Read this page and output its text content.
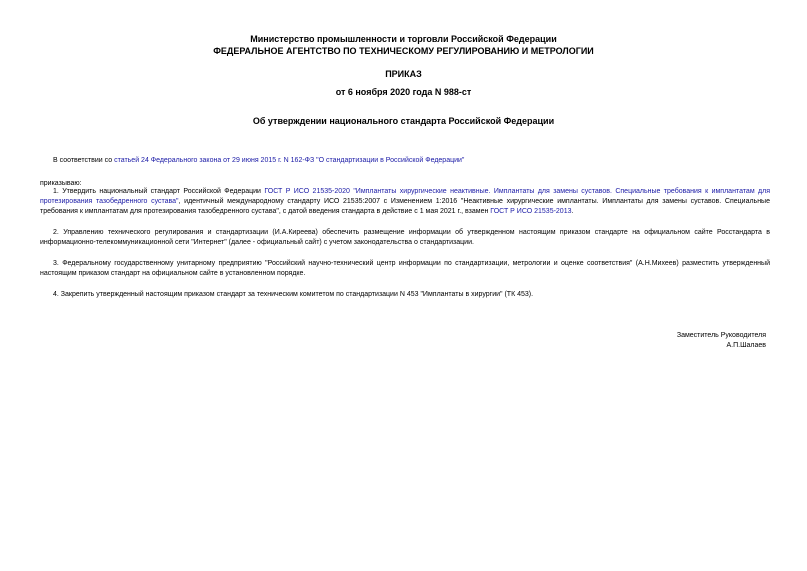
Министерство промышленности и торговли Российской Федерации
ФЕДЕРАЛЬНОЕ АГЕНТСТВО ПО ТЕХНИЧЕСКОМУ РЕГУЛИРОВАНИЮ И МЕТРОЛОГИИ
ПРИКАЗ
от 6 ноября 2020 года N 988-ст
Об утверждении национального стандарта Российской Федерации
В соответствии со статьей 24 Федерального закона от 29 июня 2015 г. N 162-ФЗ "О стандартизации в Российской Федерации"
приказываю:
1. Утвердить национальный стандарт Российской Федерации ГОСТ Р ИСО 21535-2020 "Имплантаты хирургические неактивные. Имплантаты для замены суставов. Специальные требования к имплантатам для протезирования тазобедренного сустава", идентичный международному стандарту ИСО 21535:2007 с Изменением 1:2016 "Неактивные хирургические имплантаты. Имплантаты для замены суставов. Специальные требования к имплантатам для протезирования тазобедренного сустава", с датой введения стандарта в действие с 1 мая 2021 г., взамен ГОСТ Р ИСО 21535-2013.
2. Управлению технического регулирования и стандартизации (И.А.Киреева) обеспечить размещение информации об утвержденном настоящим приказом стандарте на официальном сайте Росстандарта в информационно-телекоммуникационной сети "Интернет" (далее - официальный сайт) с учетом законодательства о стандартизации.
3. Федеральному государственному унитарному предприятию "Российский научно-технический центр информации по стандартизации, метрологии и оценке соответствия" (А.Н.Михеев) разместить утвержденный настоящим приказом стандарт на официальном сайте в установленном порядке.
4. Закрепить утвержденный настоящим приказом стандарт за техническим комитетом по стандартизации N 453 "Имплантаты в хирургии" (ТК 453).
Заместитель Руководителя
А.П.Шалаев
